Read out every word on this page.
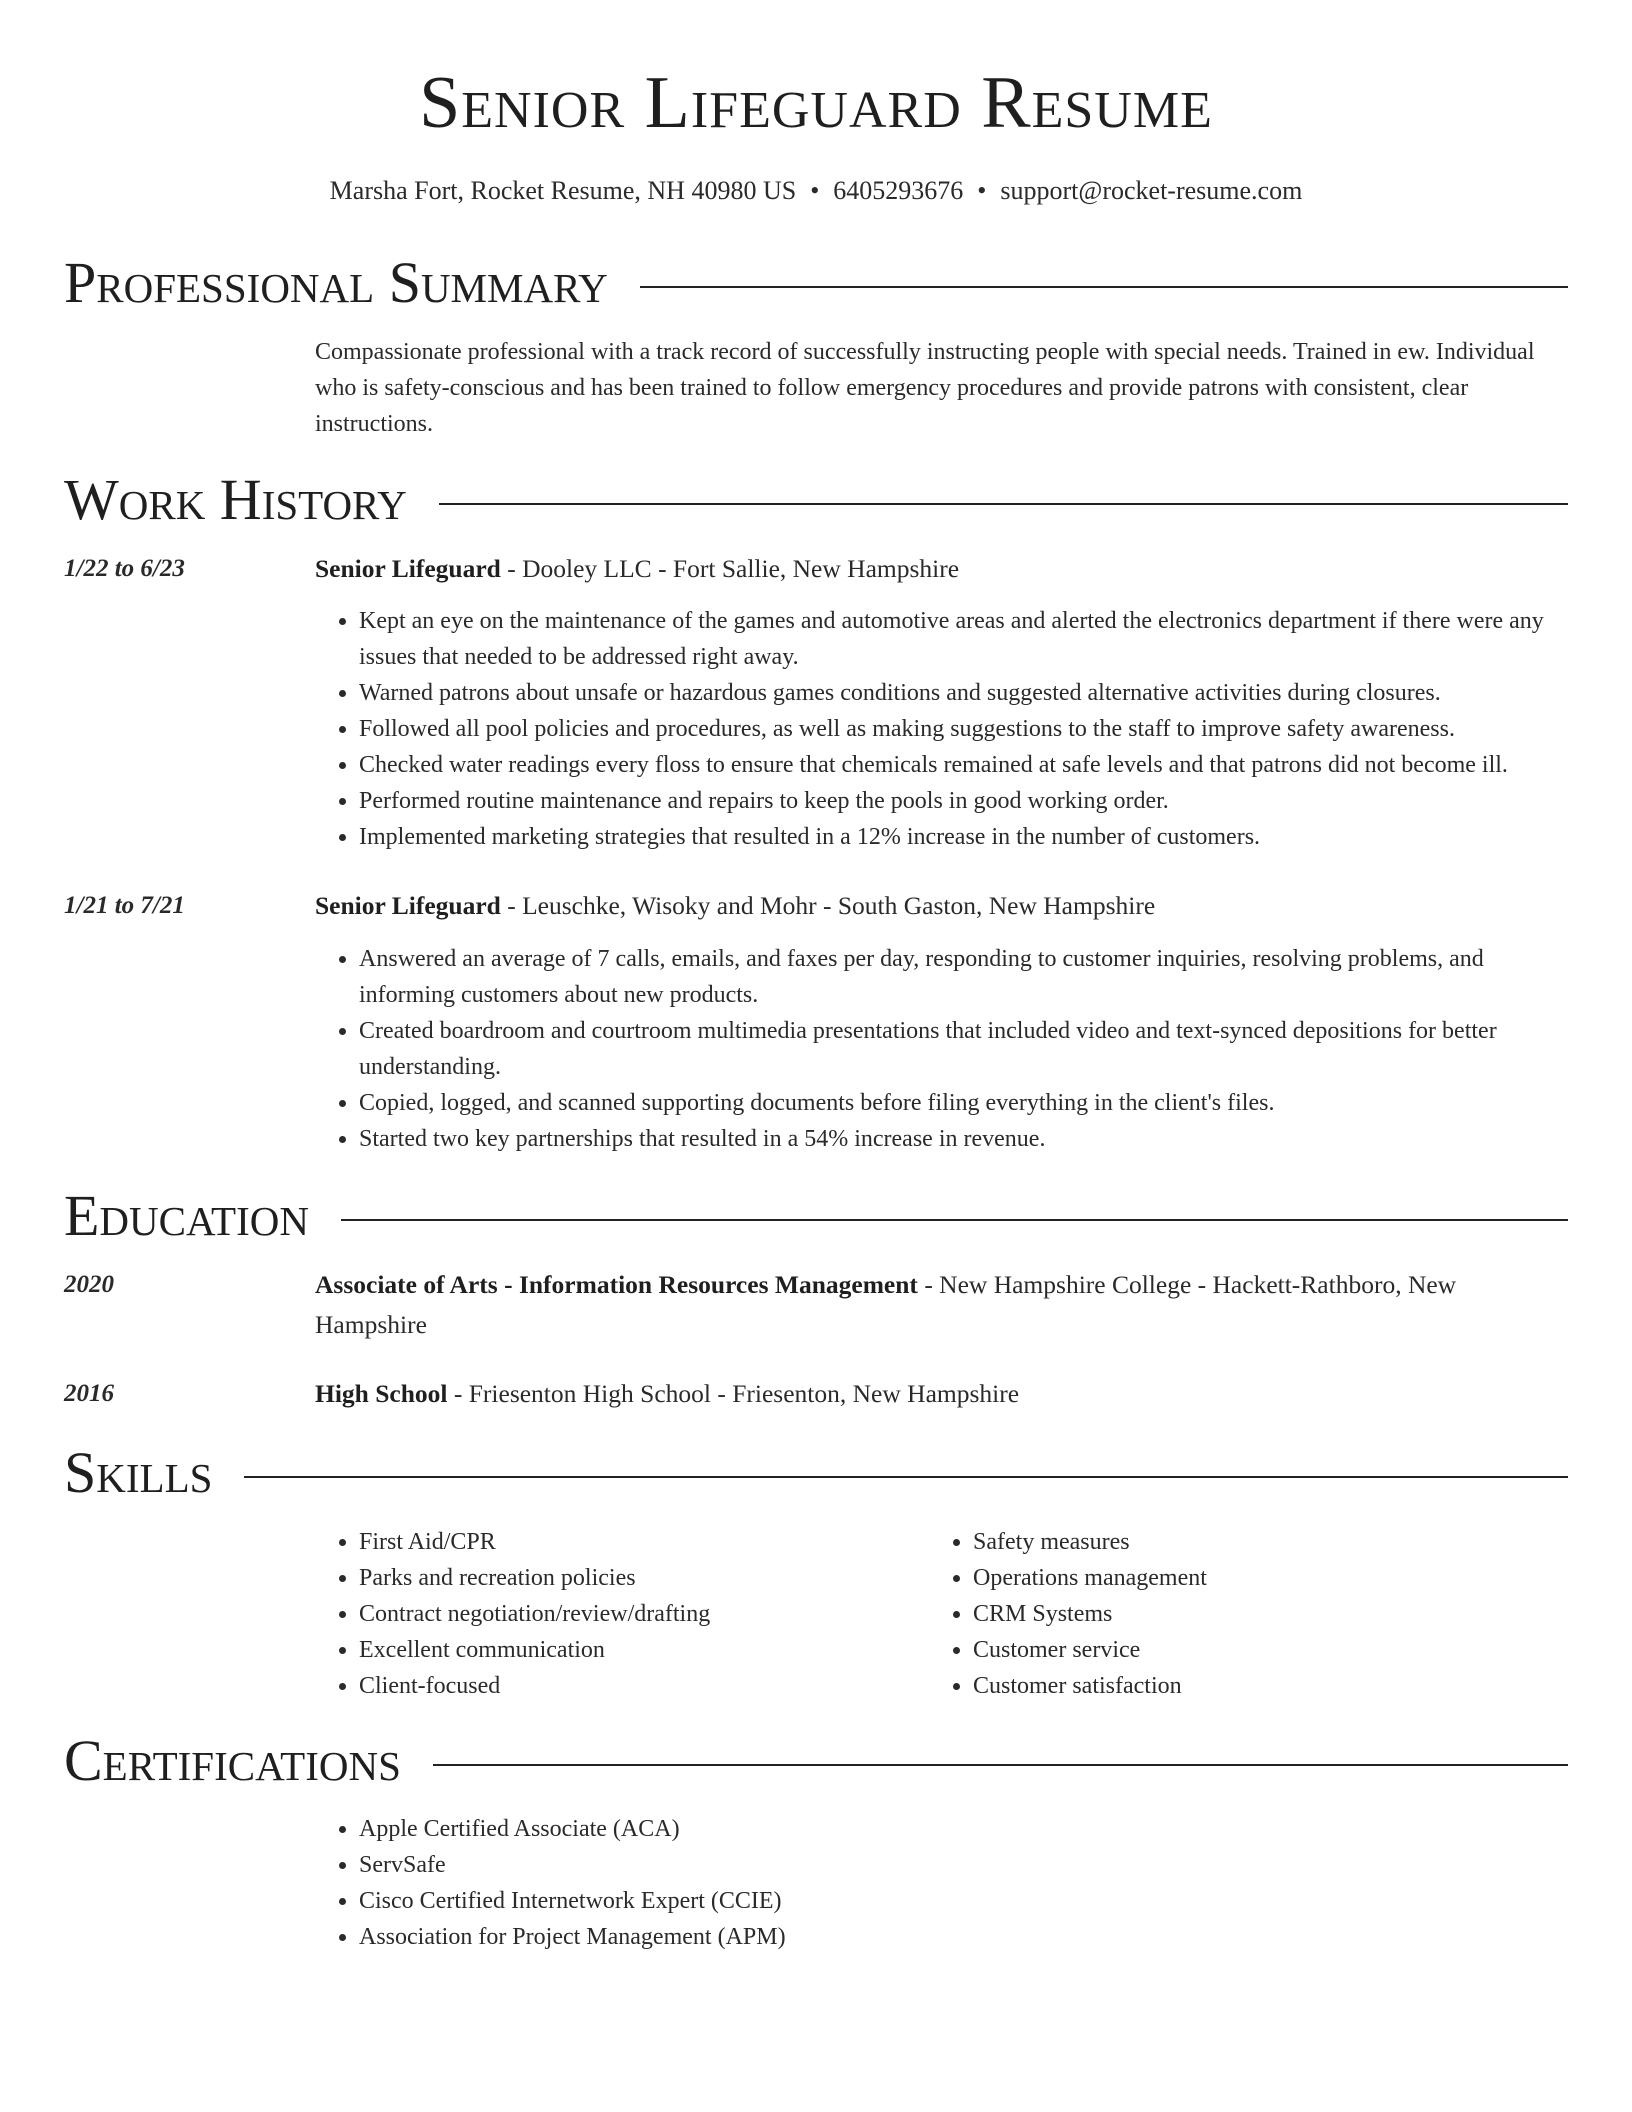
Senior Lifeguard Resume
Marsha Fort, Rocket Resume, NH 40980 US • 6405293676 • support@rocket-resume.com
Professional Summary
Compassionate professional with a track record of successfully instructing people with special needs. Trained in ew. Individual who is safety-conscious and has been trained to follow emergency procedures and provide patrons with consistent, clear instructions.
Work History
1/22 to 6/23	Senior Lifeguard - Dooley LLC - Fort Sallie, New Hampshire
• Kept an eye on the maintenance of the games and automotive areas and alerted the electronics department if there were any issues that needed to be addressed right away.
• Warned patrons about unsafe or hazardous games conditions and suggested alternative activities during closures.
• Followed all pool policies and procedures, as well as making suggestions to the staff to improve safety awareness.
• Checked water readings every floss to ensure that chemicals remained at safe levels and that patrons did not become ill.
• Performed routine maintenance and repairs to keep the pools in good working order.
• Implemented marketing strategies that resulted in a 12% increase in the number of customers.
1/21 to 7/21	Senior Lifeguard - Leuschke, Wisoky and Mohr - South Gaston, New Hampshire
• Answered an average of 7 calls, emails, and faxes per day, responding to customer inquiries, resolving problems, and informing customers about new products.
• Created boardroom and courtroom multimedia presentations that included video and text-synced depositions for better understanding.
• Copied, logged, and scanned supporting documents before filing everything in the client's files.
• Started two key partnerships that resulted in a 54% increase in revenue.
Education
2020	Associate of Arts - Information Resources Management - New Hampshire College - Hackett-Rathboro, New Hampshire
2016	High School - Friesenton High School - Friesenton, New Hampshire
Skills
• First Aid/CPR
• Parks and recreation policies
• Contract negotiation/review/drafting
• Excellent communication
• Client-focused
• Safety measures
• Operations management
• CRM Systems
• Customer service
• Customer satisfaction
Certifications
• Apple Certified Associate (ACA)
• ServSafe
• Cisco Certified Internetwork Expert (CCIE)
• Association for Project Management (APM)
